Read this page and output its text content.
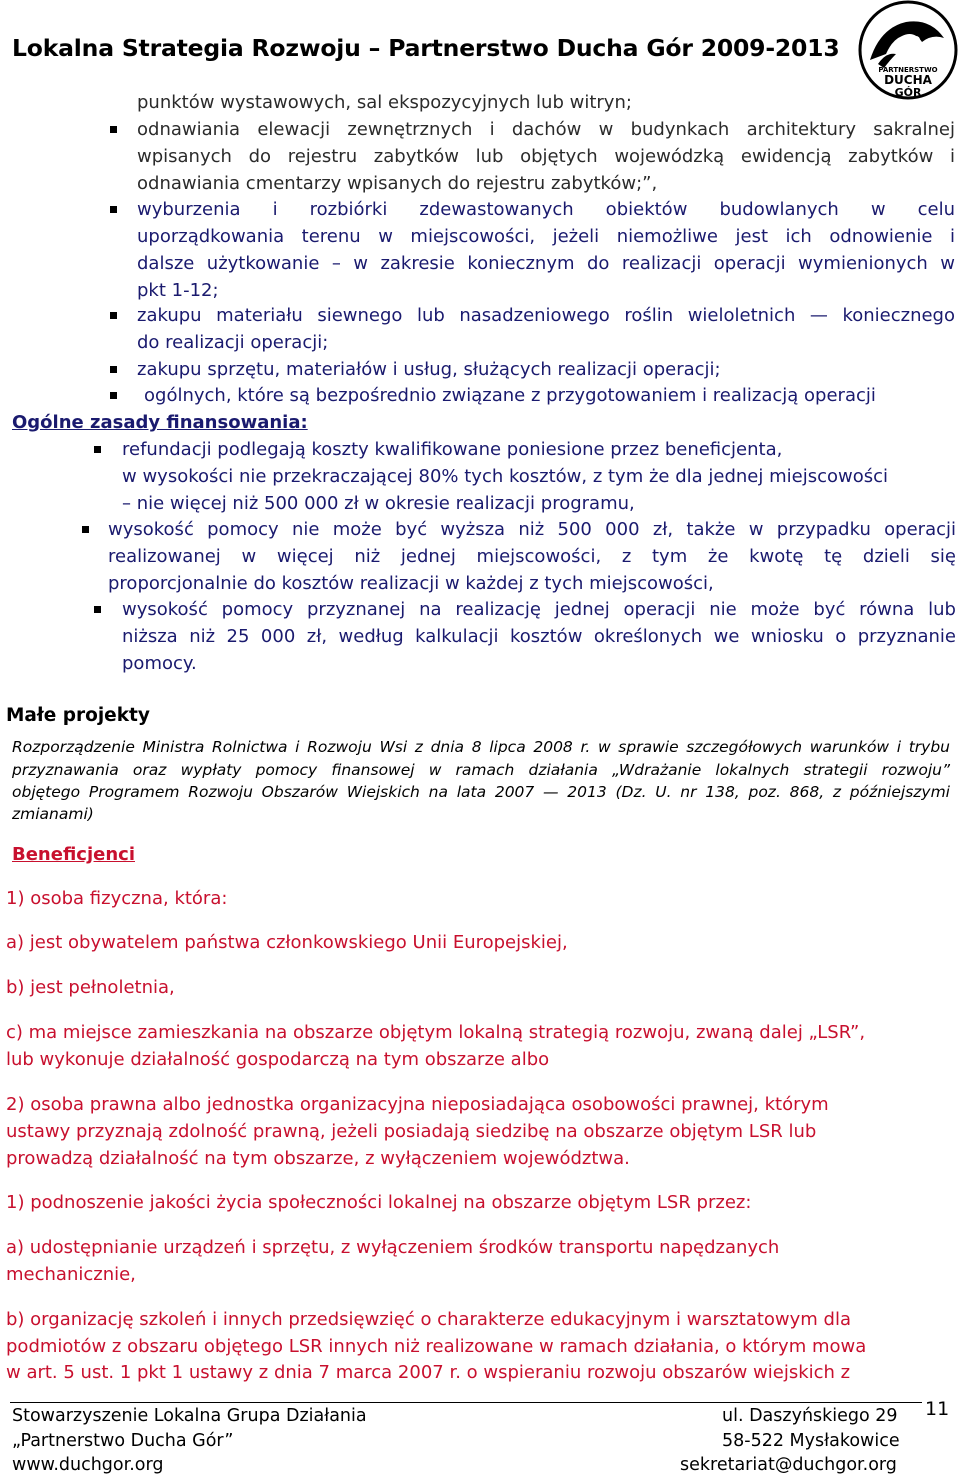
Lokalna Strategia Rozwoju – Partnerstwo Ducha Gór 2009-2013
PARTNERSTWO
DUCHA
GÓR
punktów wystawowych, sal ekspozycyjnych lub witryn;
odnawiania elewacji zewnętrznych i dachów w budynkach architektury sakralnej
wpisanych do rejestru zabytków lub objętych wojewódzką ewidencją zabytków i
odnawiania cmentarzy wpisanych do rejestru zabytków;”,
wyburzenia i rozbiórki zdewastowanych obiektów budowlanych w celu
uporządkowania terenu w miejscowości, jeżeli niemożliwe jest ich odnowienie i
dalsze użytkowanie – w zakresie koniecznym do realizacji operacji wymienionych w
pkt 1-12;
zakupu materiału siewnego lub nasadzeniowego roślin wieloletnich — koniecznego
do realizacji operacji;
zakupu sprzętu, materiałów i usług, służących realizacji operacji;
ogólnych, które są bezpośrednio związane z przygotowaniem i realizacją operacji
Ogólne zasady finansowania:
refundacji podlegają koszty kwalifikowane poniesione przez beneficjenta,
w wysokości nie przekraczającej 80% tych kosztów, z tym że dla jednej miejscowości
– nie więcej niż 500 000 zł w okresie realizacji programu,
wysokość pomocy nie może być wyższa niż 500 000 zł, także w przypadku operacji
realizowanej w więcej niż jednej miejscowości, z tym że kwotę tę dzieli się
proporcjonalnie do kosztów realizacji w każdej z tych miejscowości,
wysokość pomocy przyznanej na realizację jednej operacji nie może być równa lub
niższa niż 25 000 zł, według kalkulacji kosztów określonych we wniosku o przyznanie
pomocy.
Małe projekty
Rozporządzenie Ministra Rolnictwa i Rozwoju Wsi z dnia 8 lipca 2008 r. w sprawie szczegółowych warunków i trybu
przyznawania oraz wypłaty pomocy finansowej w ramach działania „Wdrażanie lokalnych strategii rozwoju”
objętego Programem Rozwoju Obszarów Wiejskich na lata 2007 — 2013 (Dz. U. nr 138, poz. 868, z późniejszymi
zmianami)
Beneficjenci
1) osoba fizyczna, która:
a) jest obywatelem państwa członkowskiego Unii Europejskiej,
b) jest pełnoletnia,
c) ma miejsce zamieszkania na obszarze objętym lokalną strategią rozwoju, zwaną dalej „LSR”,
lub wykonuje działalność gospodarczą na tym obszarze albo
2) osoba prawna albo jednostka organizacyjna nieposiadająca osobowości prawnej, którym
ustawy przyznają zdolność prawną, jeżeli posiadają siedzibę na obszarze objętym LSR lub
prowadzą działalność na tym obszarze, z wyłączeniem województwa.
1) podnoszenie jakości życia społeczności lokalnej na obszarze objętym LSR przez:
a) udostępnianie urządzeń i sprzętu, z wyłączeniem środków transportu napędzanych
mechanicznie,
b) organizację szkoleń i innych przedsięwzięć o charakterze edukacyjnym i warsztatowym dla
podmiotów z obszaru objętego LSR innych niż realizowane w ramach działania, o którym mowa
w art. 5 ust. 1 pkt 1 ustawy z dnia 7 marca 2007 r. o wspieraniu rozwoju obszarów wiejskich z
Stowarzyszenie Lokalna Grupa Działania
„Partnerstwo Ducha Gór”
www.duchgor.org
ul. Daszyńskiego 29
58-522 Mysłakowice
sekretariat@duchgor.org
11
